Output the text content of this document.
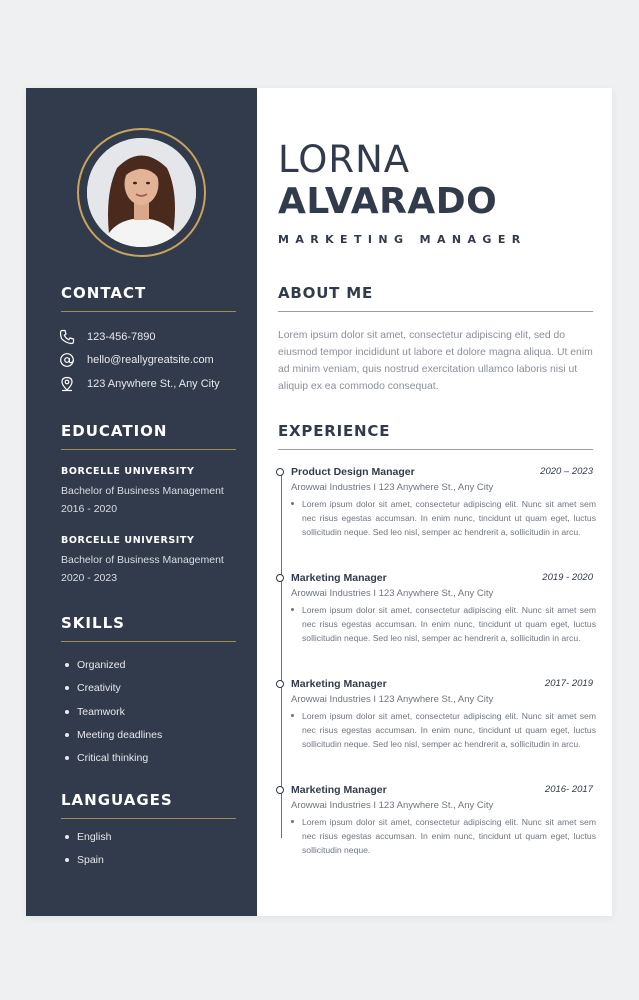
CONTACT
123-456-7890
hello@reallygreatsite.com
123 Anywhere St., Any City
EDUCATION
BORCELLE UNIVERSITY
Bachelor of Business Management
2016 - 2020
BORCELLE UNIVERSITY
Bachelor of Business Management
2020 - 2023
SKILLS
Organized
Creativity
Teamwork
Meeting deadlines
Critical thinking
LANGUAGES
English
Spain
LORNA
ALVARADO
MARKETING MANAGER
ABOUT ME
Lorem ipsum dolor sit amet, consectetur adipiscing elit, sed do eiusmod tempor incididunt ut labore et dolore magna aliqua. Ut enim ad minim veniam, quis nostrud exercitation ullamco laboris nisi ut aliquip ex ea commodo consequat.
EXPERIENCE
Product Design Manager	2020 – 2023
Arowwai Industries I 123 Anywhere St., Any City
Lorem ipsum dolor sit amet, consectetur adipiscing elit. Nunc sit amet sem nec risus egestas accumsan. In enim nunc, tincidunt ut quam eget, luctus sollicitudin neque. Sed leo nisl, semper ac hendrerit a, sollicitudin in arcu.
Marketing Manager	2019 - 2020
Arowwai Industries I 123 Anywhere St., Any City
Lorem ipsum dolor sit amet, consectetur adipiscing elit. Nunc sit amet sem nec risus egestas accumsan. In enim nunc, tincidunt ut quam eget, luctus sollicitudin neque. Sed leo nisl, semper ac hendrerit a, sollicitudin in arcu.
Marketing Manager	2017- 2019
Arowwai Industries I 123 Anywhere St., Any City
Lorem ipsum dolor sit amet, consectetur adipiscing elit. Nunc sit amet sem nec risus egestas accumsan. In enim nunc, tincidunt ut quam eget, luctus sollicitudin neque. Sed leo nisl, semper ac hendrerit a, sollicitudin in arcu.
Marketing Manager	2016- 2017
Arowwai Industries I 123 Anywhere St., Any City
Lorem ipsum dolor sit amet, consectetur adipiscing elit. Nunc sit amet sem nec risus egestas accumsan. In enim nunc, tincidunt ut quam eget, luctus sollicitudin neque.
